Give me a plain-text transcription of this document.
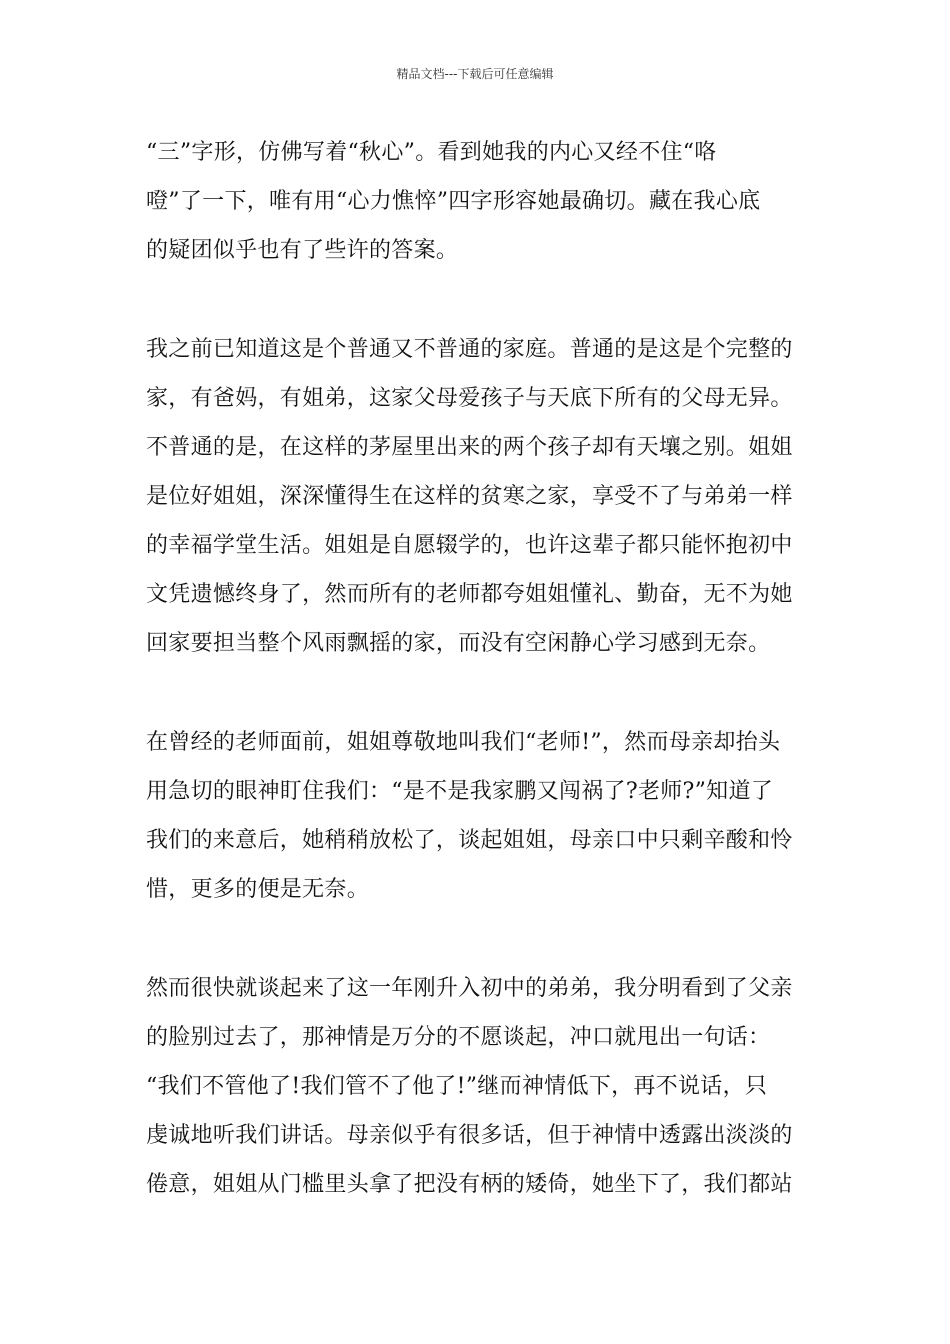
精品文档---下载后可任意编辑
“三”字形，仿佛写着“秋心”。看到她我的内心又经不住“咯
噔”了一下，唯有用“心力憔悴”四字形容她最确切。藏在我心底
的疑团似乎也有了些许的答案。
我之前已知道这是个普通又不普通的家庭。普通的是这是个完整的
家，有爸妈，有姐弟，这家父母爱孩子与天底下所有的父母无异。
不普通的是，在这样的茅屋里出来的两个孩子却有天壤之别。姐姐
是位好姐姐，深深懂得生在这样的贫寒之家，享受不了与弟弟一样
的幸福学堂生活。姐姐是自愿辍学的，也许这辈子都只能怀抱初中
文凭遗憾终身了，然而所有的老师都夸姐姐懂礼、勤奋，无不为她
回家要担当整个风雨飘摇的家，而没有空闲静心学习感到无奈。
在曾经的老师面前，姐姐尊敬地叫我们“老师!”，然而母亲却抬头
用急切的眼神盯住我们：“是不是我家鹏又闯祸了?老师?”知道了
我们的来意后，她稍稍放松了，谈起姐姐，母亲口中只剩辛酸和怜
惜，更多的便是无奈。
然而很快就谈起来了这一年刚升入初中的弟弟，我分明看到了父亲
的脸别过去了，那神情是万分的不愿谈起，冲口就甩出一句话：
“我们不管他了!我们管不了他了!”继而神情低下，再不说话，只
虔诚地听我们讲话。母亲似乎有很多话，但于神情中透露出淡淡的
倦意，姐姐从门槛里头拿了把没有柄的矮倚，她坐下了，我们都站
